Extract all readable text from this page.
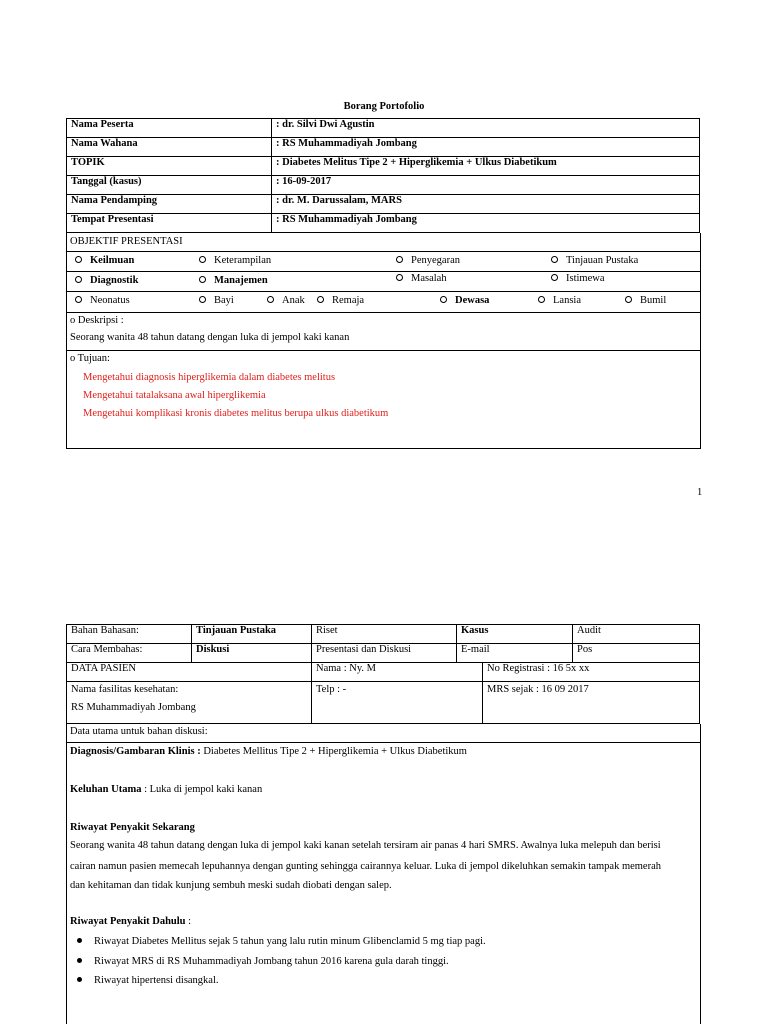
Borang Portofolio
Nama Peserta	: dr. Silvi Dwi Agustin
Nama Wahana	: RS Muhammadiyah Jombang
TOPIK	: Diabetes Melitus Tipe 2 + Hiperglikemia + Ulkus Diabetikum
Tanggal (kasus)	: 16-09-2017
Nama Pendamping	: dr. M. Darussalam, MARS
Tempat Presentasi	: RS Muhammadiyah Jombang
OBJEKTIF PRESENTASI
Keilmuan	Keterampilan	Penyegaran	Tinjauan Pustaka
Diagnostik	Manajemen	Masalah	Istimewa
Neonatus	Bayi	Anak	Remaja	Dewasa	Lansia	Bumil
o Deskripsi :
Seorang wanita 48 tahun datang dengan luka di jempol kaki kanan
o Tujuan:
Mengetahui diagnosis hiperglikemia dalam diabetes melitus
Mengetahui tatalaksana awal hiperglikemia
Mengetahui komplikasi kronis diabetes melitus berupa ulkus diabetikum
1
Bahan Bahasan:	Tinjauan Pustaka	Riset	Kasus	Audit
Cara Membahas:	Diskusi	Presentasi dan Diskusi	E-mail	Pos
DATA PASIEN	Nama : Ny. M	No Registrasi : 16 5x xx

Nama fasilitas kesehatan:
RS Muhammadiyah Jombang	Telp : -	MRS sejak : 16 09 2017
Data utama untuk bahan diskusi:
Diagnosis/Gambaran Klinis : Diabetes Mellitus Tipe 2 + Hiperglikemia + Ulkus Diabetikum
Keluhan Utama : Luka di jempol kaki kanan
Riwayat Penyakit Sekarang
Seorang wanita 48 tahun datang dengan luka di jempol kaki kanan setelah tersiram air panas 4 hari SMRS. Awalnya luka melepuh dan berisi
cairan namun pasien memecah lepuhannya dengan gunting sehingga cairannya keluar. Luka di jempol dikeluhkan semakin tampak memerah
dan kehitaman dan tidak kunjung sembuh meski sudah diobati dengan salep.
Riwayat Penyakit Dahulu :
Riwayat Diabetes Mellitus sejak 5 tahun yang lalu rutin minum Glibenclamid 5 mg tiap pagi.
Riwayat MRS di RS Muhammadiyah Jombang tahun 2016 karena gula darah tinggi.
Riwayat hipertensi disangkal.
